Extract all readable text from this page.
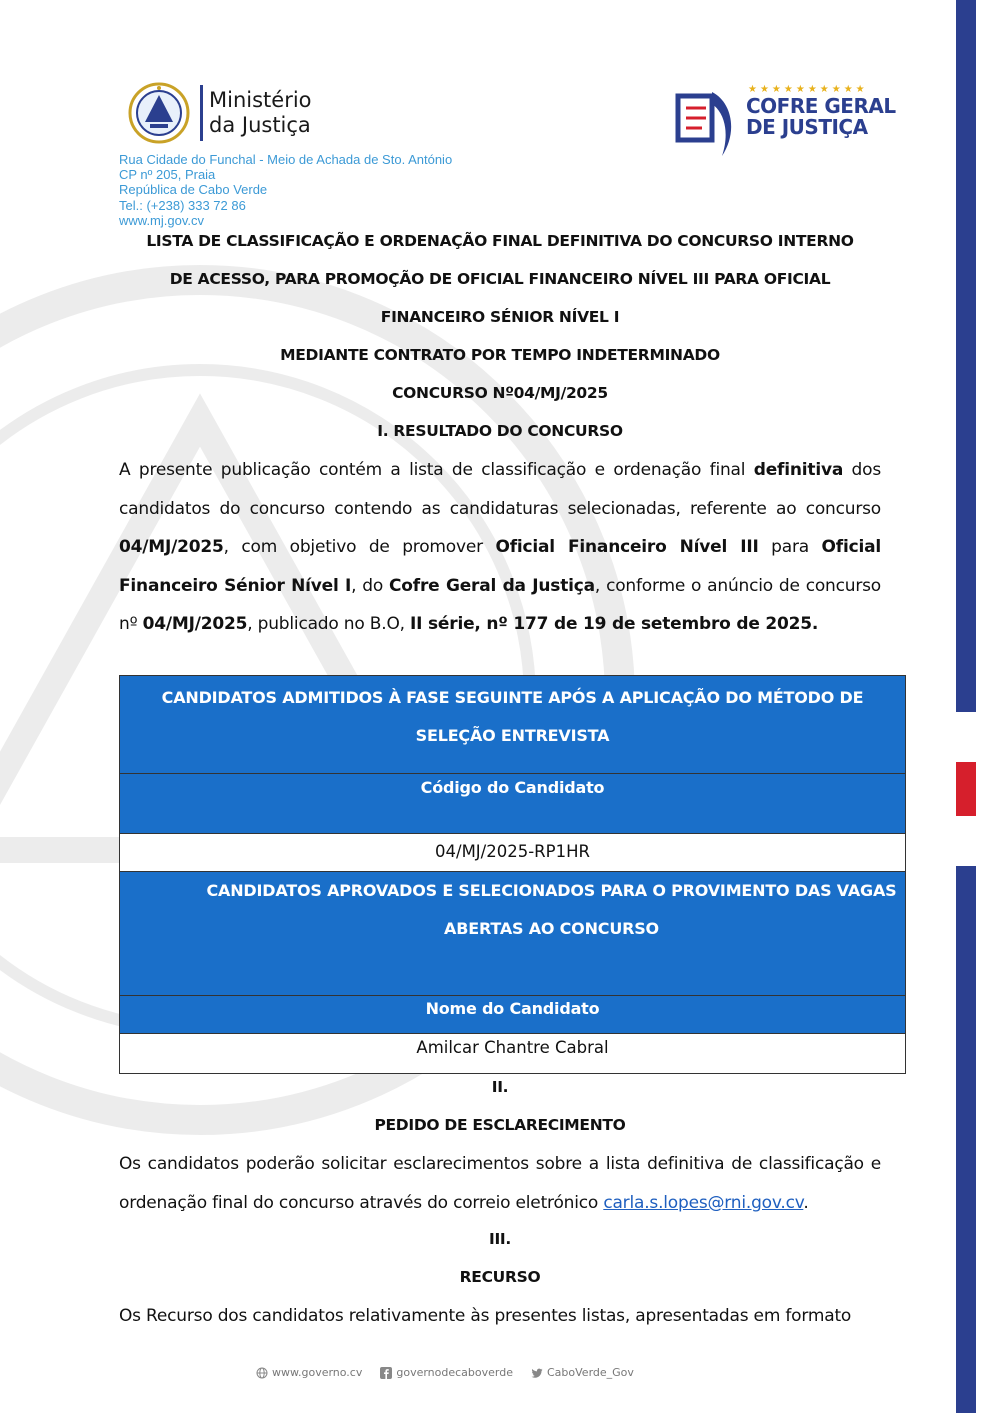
Ministério
da Justiça
★★★★★★★★★★
COFRE GERAL
DE JUSTIÇA
Rua Cidade do Funchal - Meio de Achada de Sto. António
CP nº 205, Praia
República de Cabo Verde
Tel.: (+238) 333 72 86
www.mj.gov.cv
LISTA DE CLASSIFICAÇÃO E ORDENAÇÃO FINAL DEFINITIVA DO CONCURSO INTERNO
DE ACESSO, PARA PROMOÇÃO DE OFICIAL FINANCEIRO NÍVEL III PARA OFICIAL
FINANCEIRO SÉNIOR NÍVEL I
MEDIANTE CONTRATO POR TEMPO INDETERMINADO
CONCURSO Nº04/MJ/2025
I. RESULTADO DO CONCURSO
A presente publicação contém a lista de classificação e ordenação final definitiva dos candidatos do concurso contendo as candidaturas selecionadas, referente ao concurso 04/MJ/2025, com objetivo de promover Oficial Financeiro Nível III para Oficial Financeiro Sénior Nível I, do Cofre Geral da Justiça, conforme o anúncio de concurso nº 04/MJ/2025, publicado no B.O, II série, nº 177 de 19 de setembro de 2025.
CANDIDATOS ADMITIDOS À FASE SEGUINTE APÓS A APLICAÇÃO DO MÉTODO DE SELEÇÃO ENTREVISTA
Código do Candidato
04/MJ/2025-RP1HR
CANDIDATOS APROVADOS E SELECIONADOS PARA O PROVIMENTO DAS VAGAS ABERTAS AO CONCURSO
Nome do Candidato
Amilcar Chantre Cabral
II.
PEDIDO DE ESCLARECIMENTO
Os candidatos poderão solicitar esclarecimentos sobre a lista definitiva de classificação e ordenação final do concurso através do correio eletrónico carla.s.lopes@rni.gov.cv.
III.
RECURSO
Os Recurso dos candidatos relativamente às presentes listas, apresentadas em formato
www.governo.cv	governodecaboverde	CaboVerde_Gov
